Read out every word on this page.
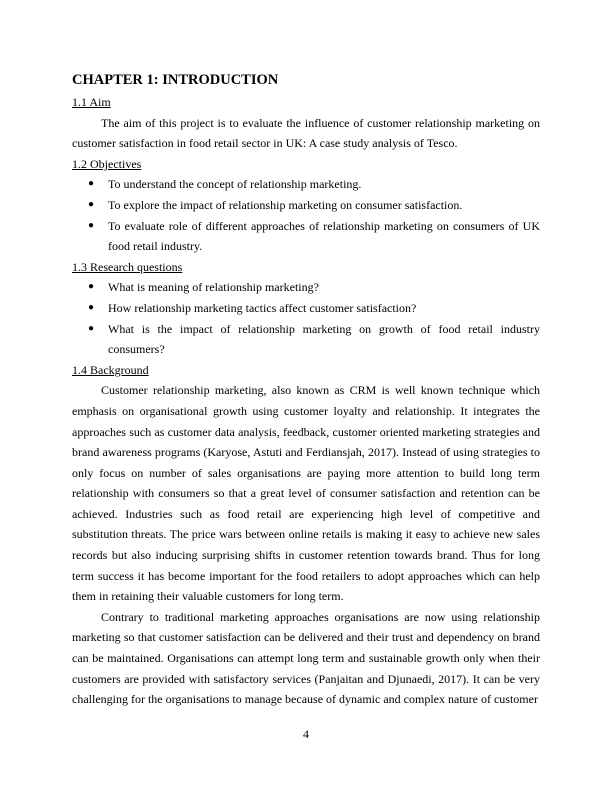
CHAPTER 1: INTRODUCTION

1.1 Aim

The aim of this project is to evaluate the influence of customer relationship marketing on customer satisfaction in food retail sector in UK: A case study analysis of Tesco.

1.2 Objectives

● To understand the concept of relationship marketing.
● To explore the impact of relationship marketing on consumer satisfaction.
● To evaluate role of different approaches of relationship marketing on consumers of UK food retail industry.

1.3 Research questions

● What is meaning of relationship marketing?
● How relationship marketing tactics affect customer satisfaction?
● What is the impact of relationship marketing on growth of food retail industry consumers?

1.4 Background

Customer relationship marketing, also known as CRM is well known technique which emphasis on organisational growth using customer loyalty and relationship. It integrates the approaches such as customer data analysis, feedback, customer oriented marketing strategies and brand awareness programs (Karyose, Astuti and Ferdiansjah, 2017). Instead of using strategies to only focus on number of sales organisations are paying more attention to build long term relationship with consumers so that a great level of consumer satisfaction and retention can be achieved. Industries such as food retail are experiencing high level of competitive and substitution threats. The price wars between online retails is making it easy to achieve new sales records but also inducing surprising shifts in customer retention towards brand. Thus for long term success it has become important for the food retailers to adopt approaches which can help them in retaining their valuable customers for long term.

Contrary to traditional marketing approaches organisations are now using relationship marketing so that customer satisfaction can be delivered and their trust and dependency on brand can be maintained. Organisations can attempt long term and sustainable growth only when their customers are provided with satisfactory services (Panjaitan and Djunaedi, 2017). It can be very challenging for the organisations to manage because of dynamic and complex nature of customer

4
